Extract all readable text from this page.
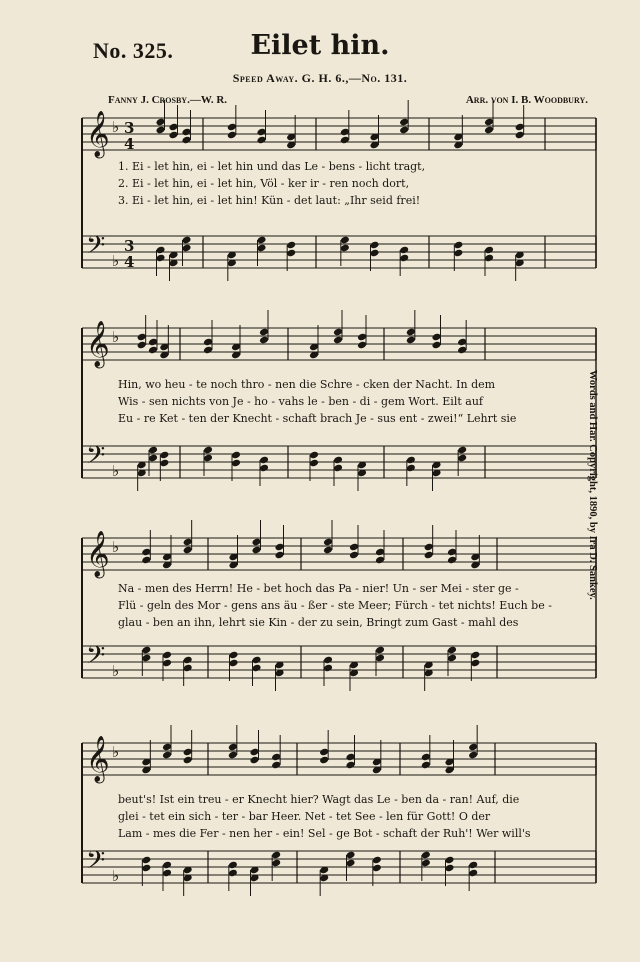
No. 325.	Eilet hin.
Speed Away. G. H. 6.,—No. 131.
Fanny J. Crosby.—W. R.	Arr. von I. B. Woodbury.
Words and Har. Copyright, 1890, by Ira D. Sankey.
𝄞 ♭ 3
4
𝄢 ♭
3
4
𝄞 ♭
𝄢 ♭
𝄞 ♭
𝄢 ♭
𝄞 ♭
𝄢 ♭
1. Ei - let hin, ei - let hin und das Le - bens - licht tragt,
2. Ei - let hin, ei - let hin, Völ - ker ir - ren noch dort,
3. Ei - let hin, ei - let hin! Kün - det laut: „Ihr seid frei!
Hin, wo heu - te noch thro - nen die Schre - cken der Nacht. In dem
Wis - sen nichts von Je - ho - vahs le - ben - di - gem Wort. Eilt auf
Eu - re Ket - ten der Knecht - schaft brach Je - sus ent - zwei!“ Lehrt sie
Na - men des Herrn! He - bet hoch das Pa - nier! Un - ser Mei - ster ge -
Flü - geln des Mor - gens ans äu - ßer - ste Meer; Fürch - tet nichts! Euch be -
glau - ben an ihn, lehrt sie Kin - der zu sein, Bringt zum Gast - mahl des
beut's! Ist ein treu - er Knecht hier? Wagt das Le - ben da - ran! Auf, die
glei - tet ein sich - ter - bar Heer. Net - tet See - len für Gott! O der
Lam - mes die Fer - nen her - ein! Sel - ge Bot - schaft der Ruh'! Wer will's
